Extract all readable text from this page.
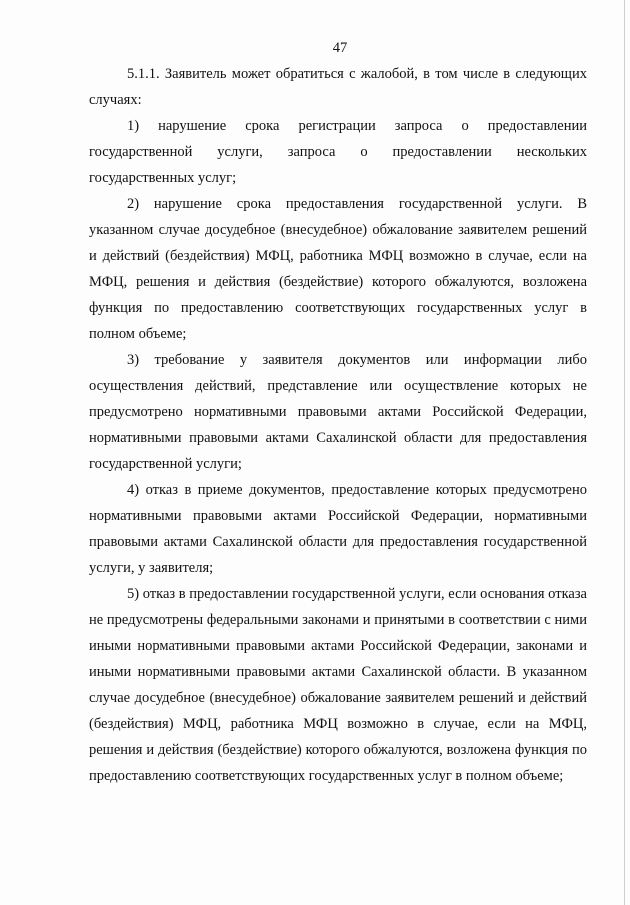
47

5.1.1. Заявитель может обратиться с жалобой, в том числе в следующих случаях:

1) нарушение срока регистрации запроса о предоставлении государственной услуги, запроса о предоставлении нескольких государственных услуг;

2) нарушение срока предоставления государственной услуги. В указанном случае досудебное (внесудебное) обжалование заявителем решений и действий (бездействия) МФЦ, работника МФЦ возможно в случае, если на МФЦ, решения и действия (бездействие) которого обжалуются, возложена функция по предоставлению соответствующих государственных услуг в полном объеме;

3) требование у заявителя документов или информации либо осуществления действий, представление или осуществление которых не предусмотрено нормативными правовыми актами Российской Федерации, нормативными правовыми актами Сахалинской области для предоставления государственной услуги;

4) отказ в приеме документов, предоставление которых предусмотрено нормативными правовыми актами Российской Федерации, нормативными правовыми актами Сахалинской области для предоставления государственной услуги, у заявителя;

5) отказ в предоставлении государственной услуги, если основания отказа не предусмотрены федеральными законами и принятыми в соответствии с ними иными нормативными правовыми актами Российской Федерации, законами и иными нормативными правовыми актами Сахалинской области. В указанном случае досудебное (внесудебное) обжалование заявителем решений и действий (бездействия) МФЦ, работника МФЦ возможно в случае, если на МФЦ, решения и действия (бездействие) которого обжалуются, возложена функция по предоставлению соответствующих государственных услуг в полном объеме;
